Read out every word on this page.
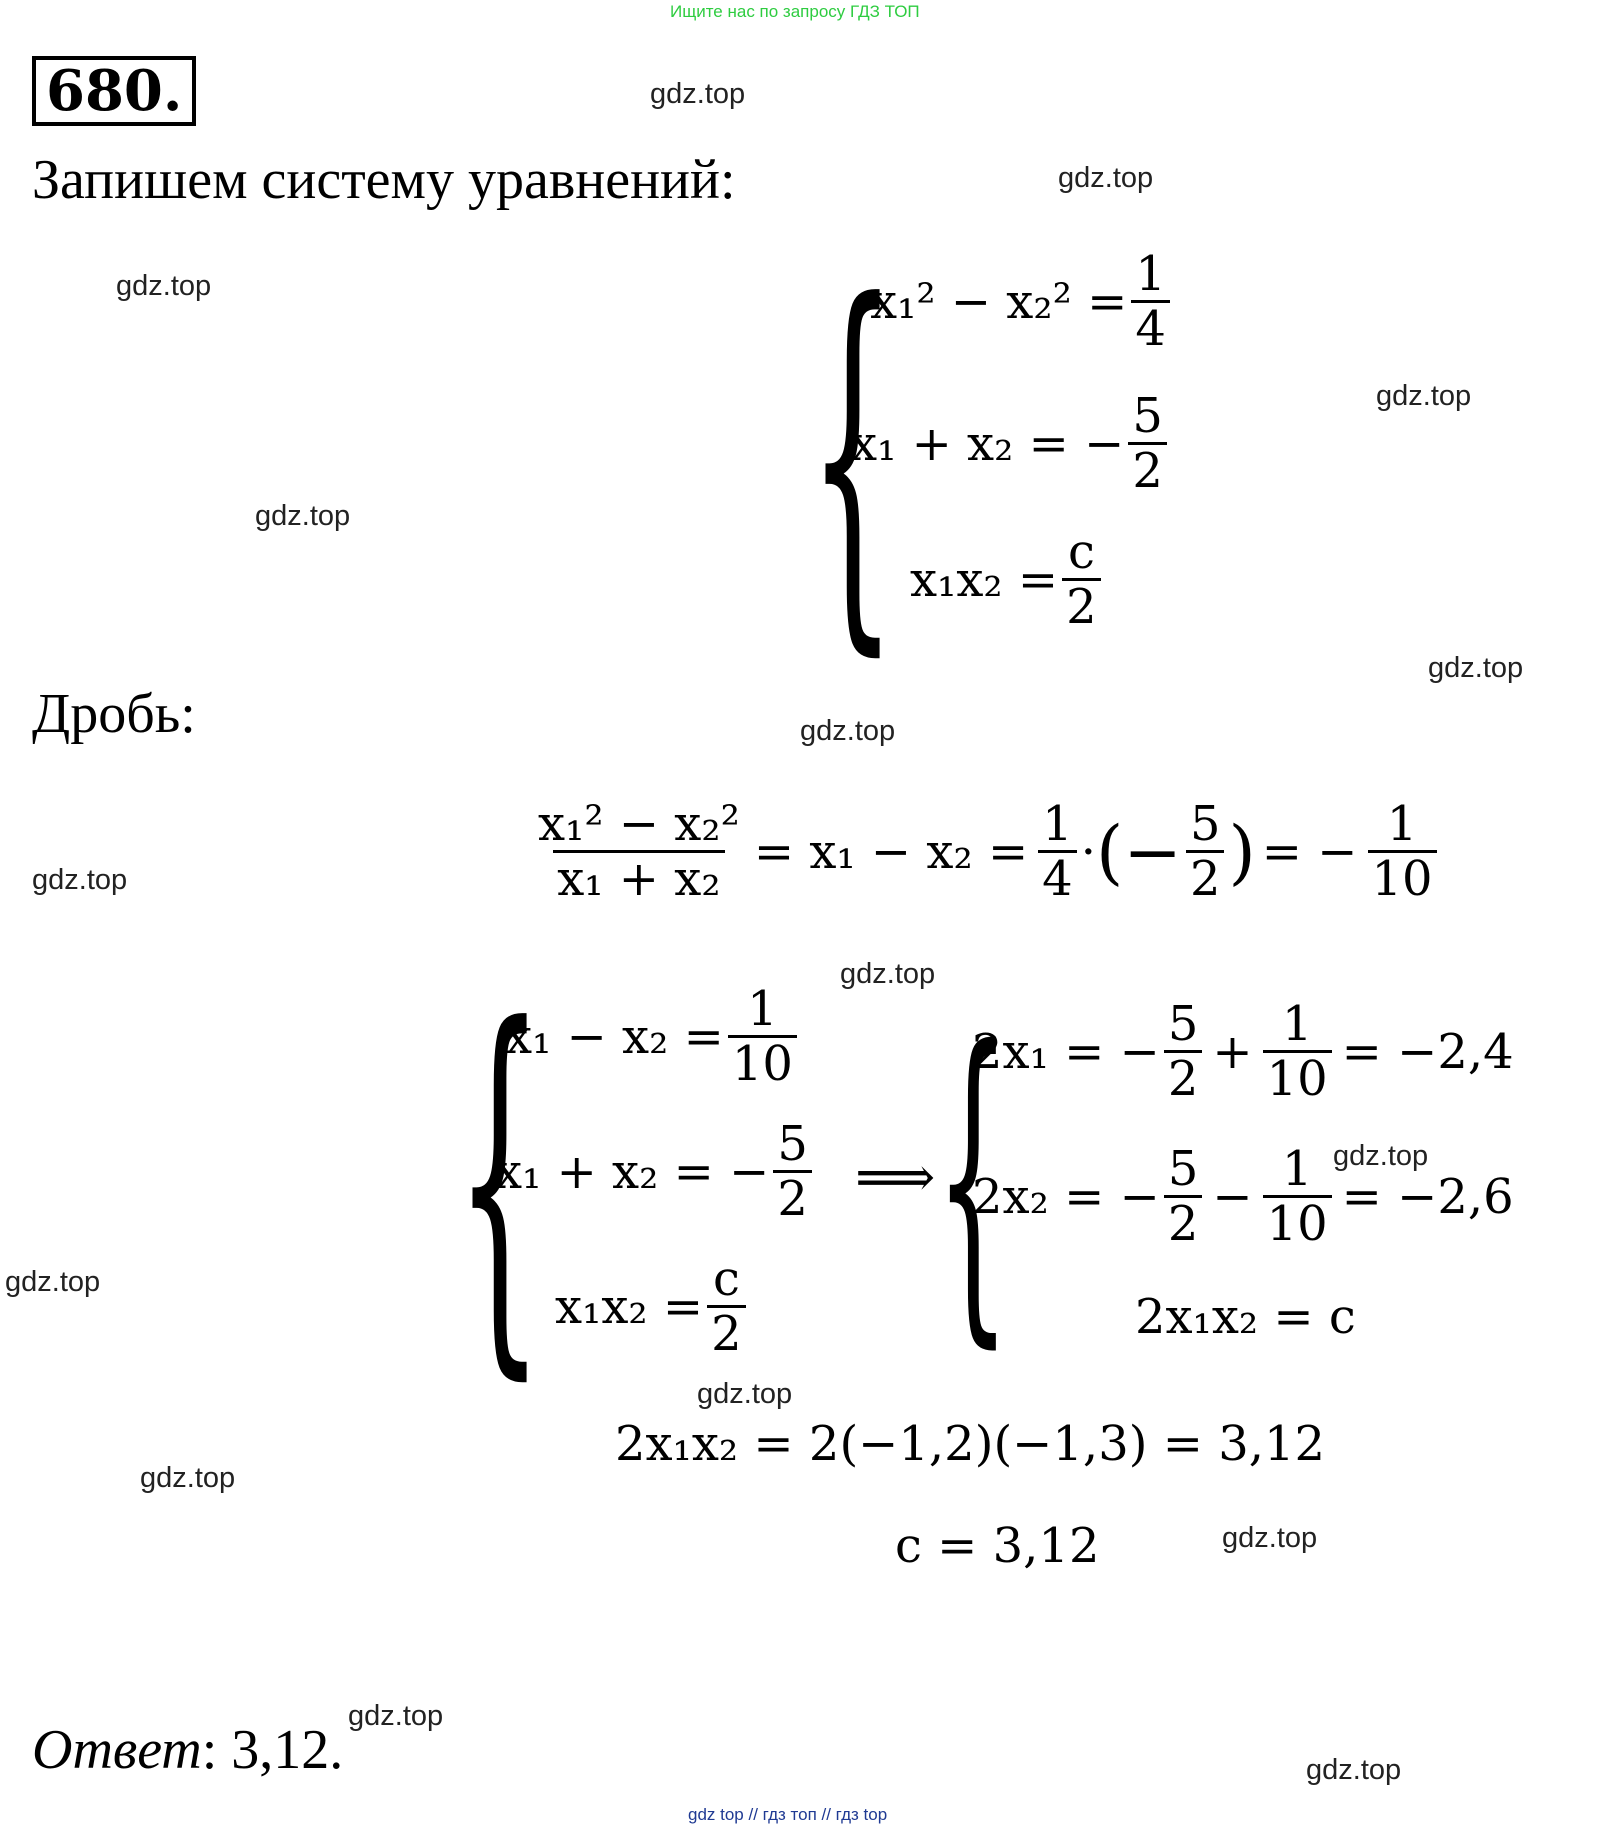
Ищите нас по запросу ГДЗ ТОП
680.
Запишем систему уравнений:
{
$x_1^2 - x_2^2 = \frac{1}{4}$
x₁ + x₂ = − $\frac{5}{2}$
$x_1x_2 = \frac{c}{2}$
Дробь:
$\frac{\text{x₁² − x₂²}}{\text{x₁ + x₂}} = x_1 - x_2 = \frac{1}{4}$ · (− $\frac{5}{2}$ ) = − $\frac{1}{10}$
{
$x_1 - x_2 = \frac{1}{10}$
x₁ + x₂ = − $\frac{5}{2}$
$x_1x_2 = \frac{c}{2}$
⟹ {
2x₁ = − $\frac{5}{2} + \frac{1}{10} = -2,4$
2x₂ = − $\frac{5}{2} - \frac{1}{10} = -2,6$
2x₁x₂ = c
2x₁x₂ = 2(−1,2)(−1,3) = 3,12
c = 3,12
Ответ: 3,12.
gdz.top
gdz.top
gdz.top
gdz.top
gdz.top
gdz.top
gdz.top
gdz.top
gdz.top
gdz.top
gdz.top
gdz.top
gdz.top
gdz.top
gdz.top
gdz.top
gdz top // гдз топ // гдз top
